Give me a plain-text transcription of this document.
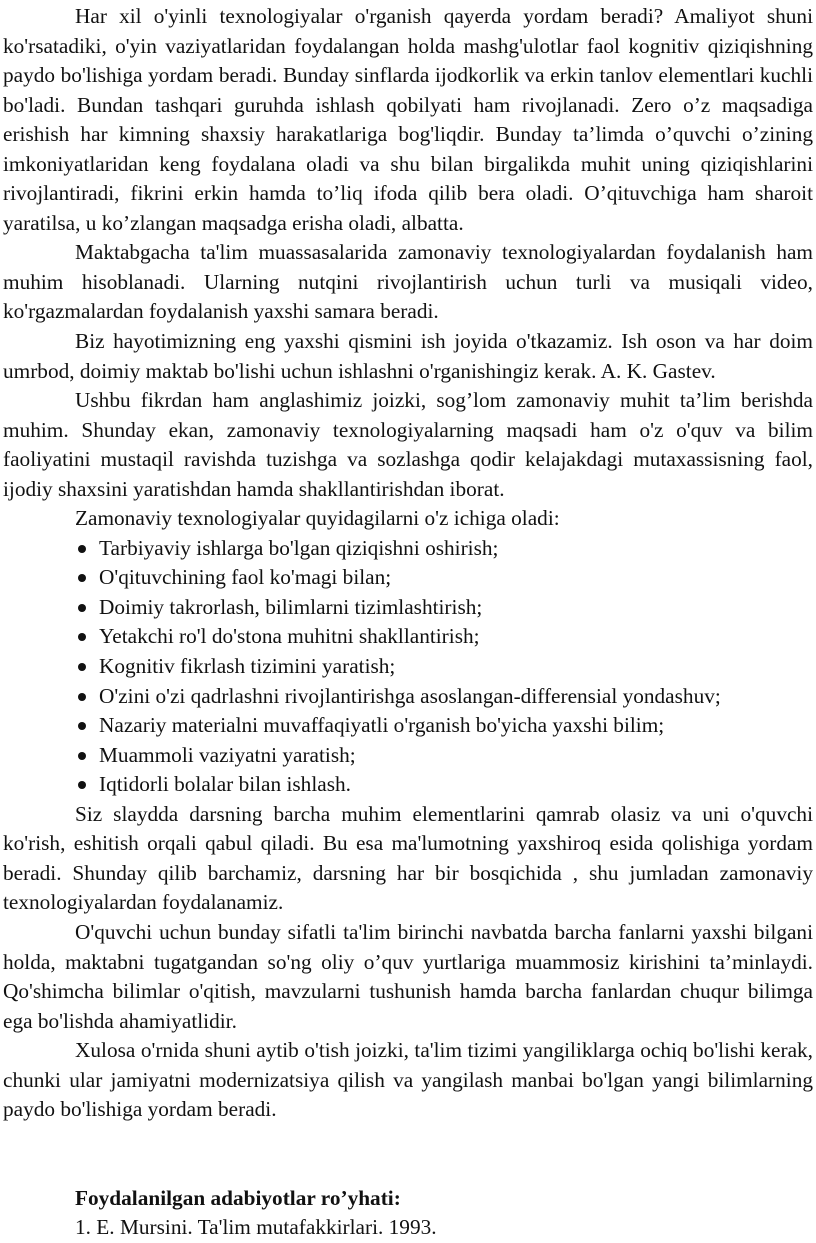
Har xil o'yinli texnologiyalar o'rganish qayerda yordam beradi? Amaliyot shuni ko'rsatadiki, o'yin vaziyatlaridan foydalangan holda mashg'ulotlar faol kognitiv qiziqishning paydo bo'lishiga yordam beradi. Bunday sinflarda ijodkorlik va erkin tanlov elementlari kuchli bo'ladi. Bundan tashqari guruhda ishlash qobilyati ham rivojlanadi. Zero o’z maqsadiga erishish har kimning shaxsiy harakatlariga bog'liqdir. Bunday ta’limda o’quvchi o’zining imkoniyatlaridan keng foydalana oladi va shu bilan birgalikda muhit uning qiziqishlarini rivojlantiradi, fikrini erkin hamda to’liq ifoda qilib bera oladi. O’qituvchiga ham sharoit yaratilsa, u ko’zlangan maqsadga erisha oladi, albatta.

Maktabgacha ta'lim muassasalarida zamonaviy texnologiyalardan foydalanish ham muhim hisoblanadi. Ularning nutqini rivojlantirish uchun turli va musiqali video, ko'rgazmalardan foydalanish yaxshi samara beradi.

Biz hayotimizning eng yaxshi qismini ish joyida o'tkazamiz. Ish oson va har doim umrbod, doimiy maktab bo'lishi uchun ishlashni o'rganishingiz kerak. A. K. Gastev.

Ushbu fikrdan ham anglashimiz joizki, sog’lom zamonaviy muhit ta’lim berishda muhim. Shunday ekan, zamonaviy texnologiyalarning maqsadi ham o'z o'quv va bilim faoliyatini mustaqil ravishda tuzishga va sozlashga qodir kelajakdagi mutaxassisning faol, ijodiy shaxsini yaratishdan hamda shakllantirishdan iborat.

Zamonaviy texnologiyalar quyidagilarni o'z ichiga oladi:

Tarbiyaviy ishlarga bo'lgan qiziqishni oshirish;
O'qituvchining faol ko'magi bilan;
Doimiy takrorlash, bilimlarni tizimlashtirish;
Yetakchi ro'l do'stona muhitni shakllantirish;
Kognitiv fikrlash tizimini yaratish;
O'zini o'zi qadrlashni rivojlantirishga asoslangan-differensial yondashuv;
Nazariy materialni muvaffaqiyatli o'rganish bo'yicha yaxshi bilim;
Muammoli vaziyatni yaratish;
Iqtidorli bolalar bilan ishlash.

Siz slaydda darsning barcha muhim elementlarini qamrab olasiz va uni o'quvchi ko'rish, eshitish orqali qabul qiladi. Bu esa ma'lumotning yaxshiroq esida qolishiga yordam beradi. Shunday qilib barchamiz, darsning har bir bosqichida , shu jumladan zamonaviy texnologiyalardan foydalanamiz.

O'quvchi uchun bunday sifatli ta'lim birinchi navbatda barcha fanlarni yaxshi bilgani holda, maktabni tugatgandan so'ng oliy o’quv yurtlariga muammosiz kirishini ta’minlaydi. Qo'shimcha bilimlar o'qitish, mavzularni tushunish hamda barcha fanlardan chuqur bilimga ega bo'lishda ahamiyatlidir.

Xulosa o'rnida shuni aytib o'tish joizki, ta'lim tizimi yangiliklarga ochiq bo'lishi kerak, chunki ular jamiyatni modernizatsiya qilish va yangilash manbai bo'lgan yangi bilimlarning paydo bo'lishiga yordam beradi.

Foydalanilgan adabiyotlar ro’yhati:

1. E. Mursini. Ta'lim mutafakkirlari. 1993.
